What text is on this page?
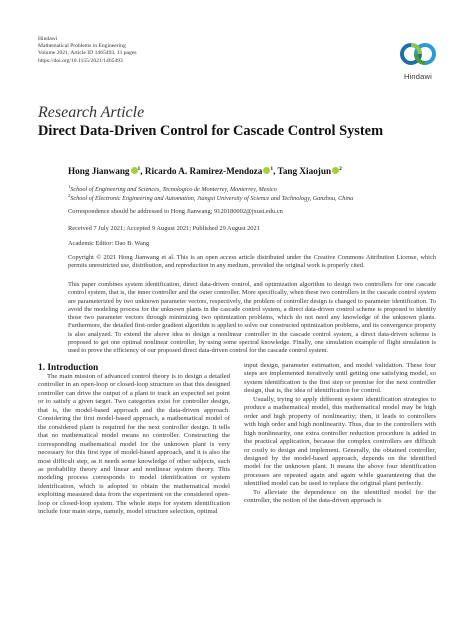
Hindawi
Mathematical Problems in Engineering
Volume 2021, Article ID 1465493, 11 pages
https://doi.org/10.1155/2021/1465493
Hindawi
Research Article
Direct Data-Driven Control for Cascade Control System
Hong Jianwang $^1$, Ricardo A. Ramirez-Mendoza $^1$, Tang Xiaojun $^2$
$^1$School of Engineering and Sciences, Tecnologico de Monterrey, Monterrey, Mexico
$^2$School of Electronic Engineering and Automation, Jiangxi University of Science and Technology, Ganzhou, China
Correspondence should be addressed to Hong Jianwang; 9120180002@jxust.edu.cn
Received 7 July 2021; Accepted 9 August 2021; Published 29 August 2021
Academic Editor: Dao B. Wang
Copyright © 2021 Hong Jianwang et al. This is an open access article distributed under the Creative Commons Attribution License, which permits unrestricted use, distribution, and reproduction in any medium, provided the original work is properly cited.
This paper combines system identification, direct data-driven control, and optimization algorithm to design two controllers for one cascade control system, that is, the inner controller and the outer controller. More specifically, when these two controllers in the cascade control system are parameterized by two unknown parameter vectors, respectively, the problem of controller design is changed to parameter identification. To avoid the modeling process for the unknown plants in the cascade control system, a direct data-driven control scheme is proposed to identify those two parameter vectors through minimizing two optimization problems, which do not need any knowledge of the unknown plants. Furthermore, the detailed first-order gradient algorithm is applied to solve our constructed optimization problems, and its convergence property is also analyzed. To extend the above idea to design a nonlinear controller in the cascade control system, a direct data-driven scheme is proposed to get one optimal nonlinear controller, by using some spectral knowledge. Finally, one simulation example of flight simulation is used to prove the efficiency of our proposed direct data-driven control for the cascade control system.
1. Introduction

The main mission of advanced control theory is to design a detailed controller in an open-loop or closed-loop structure so that this designed controller can drive the output of a plant to track an expected set point or to satisfy a given target. Two categories exist for controller design, that is, the model-based approach and the data-driven approach. Considering the first model-based approach, a mathematical model of the considered plant is required for the next controller design. It tells that no mathematical model means no controller. Constructing the corresponding mathematical model for the unknown plant is very necessary for this first type of model-based approach, and it is also the most difficult step, as it needs some knowledge of other subjects, such as probability theory and linear and nonlinear system theory. This modeling process corresponds to model identification or system identification, which is adopted to obtain the mathematical model exploiting measured data from the experiment on the considered open-loop or closed-loop system. The whole steps for system identification include four main steps, namely, model structure selection, optimal

input design, parameter estimation, and model validation. These four steps are implemented iteratively until getting one satisfying model, so system identification is the first step or premise for the next controller design, that is, the idea of identification for control.

Usually, trying to apply different system identification strategies to produce a mathematical model, this mathematical model may be high order and high property of nonlinearity; then, it leads to controllers with high order and high nonlinearity. Thus, due to the controllers with high nonlinearity, one extra controller reduction procedure is added in the practical application, because the complex controllers are difficult or costly to design and implement. Generally, the obtained controller, designed by the model-based approach, depends on the identified model for the unknown plant. It means the above four identification processes are repeated again and again while guaranteeing that the identified model can be used to replace the original plant perfectly.

To alleviate the dependence on the identified model for the controller, the notion of the data-driven approach is
